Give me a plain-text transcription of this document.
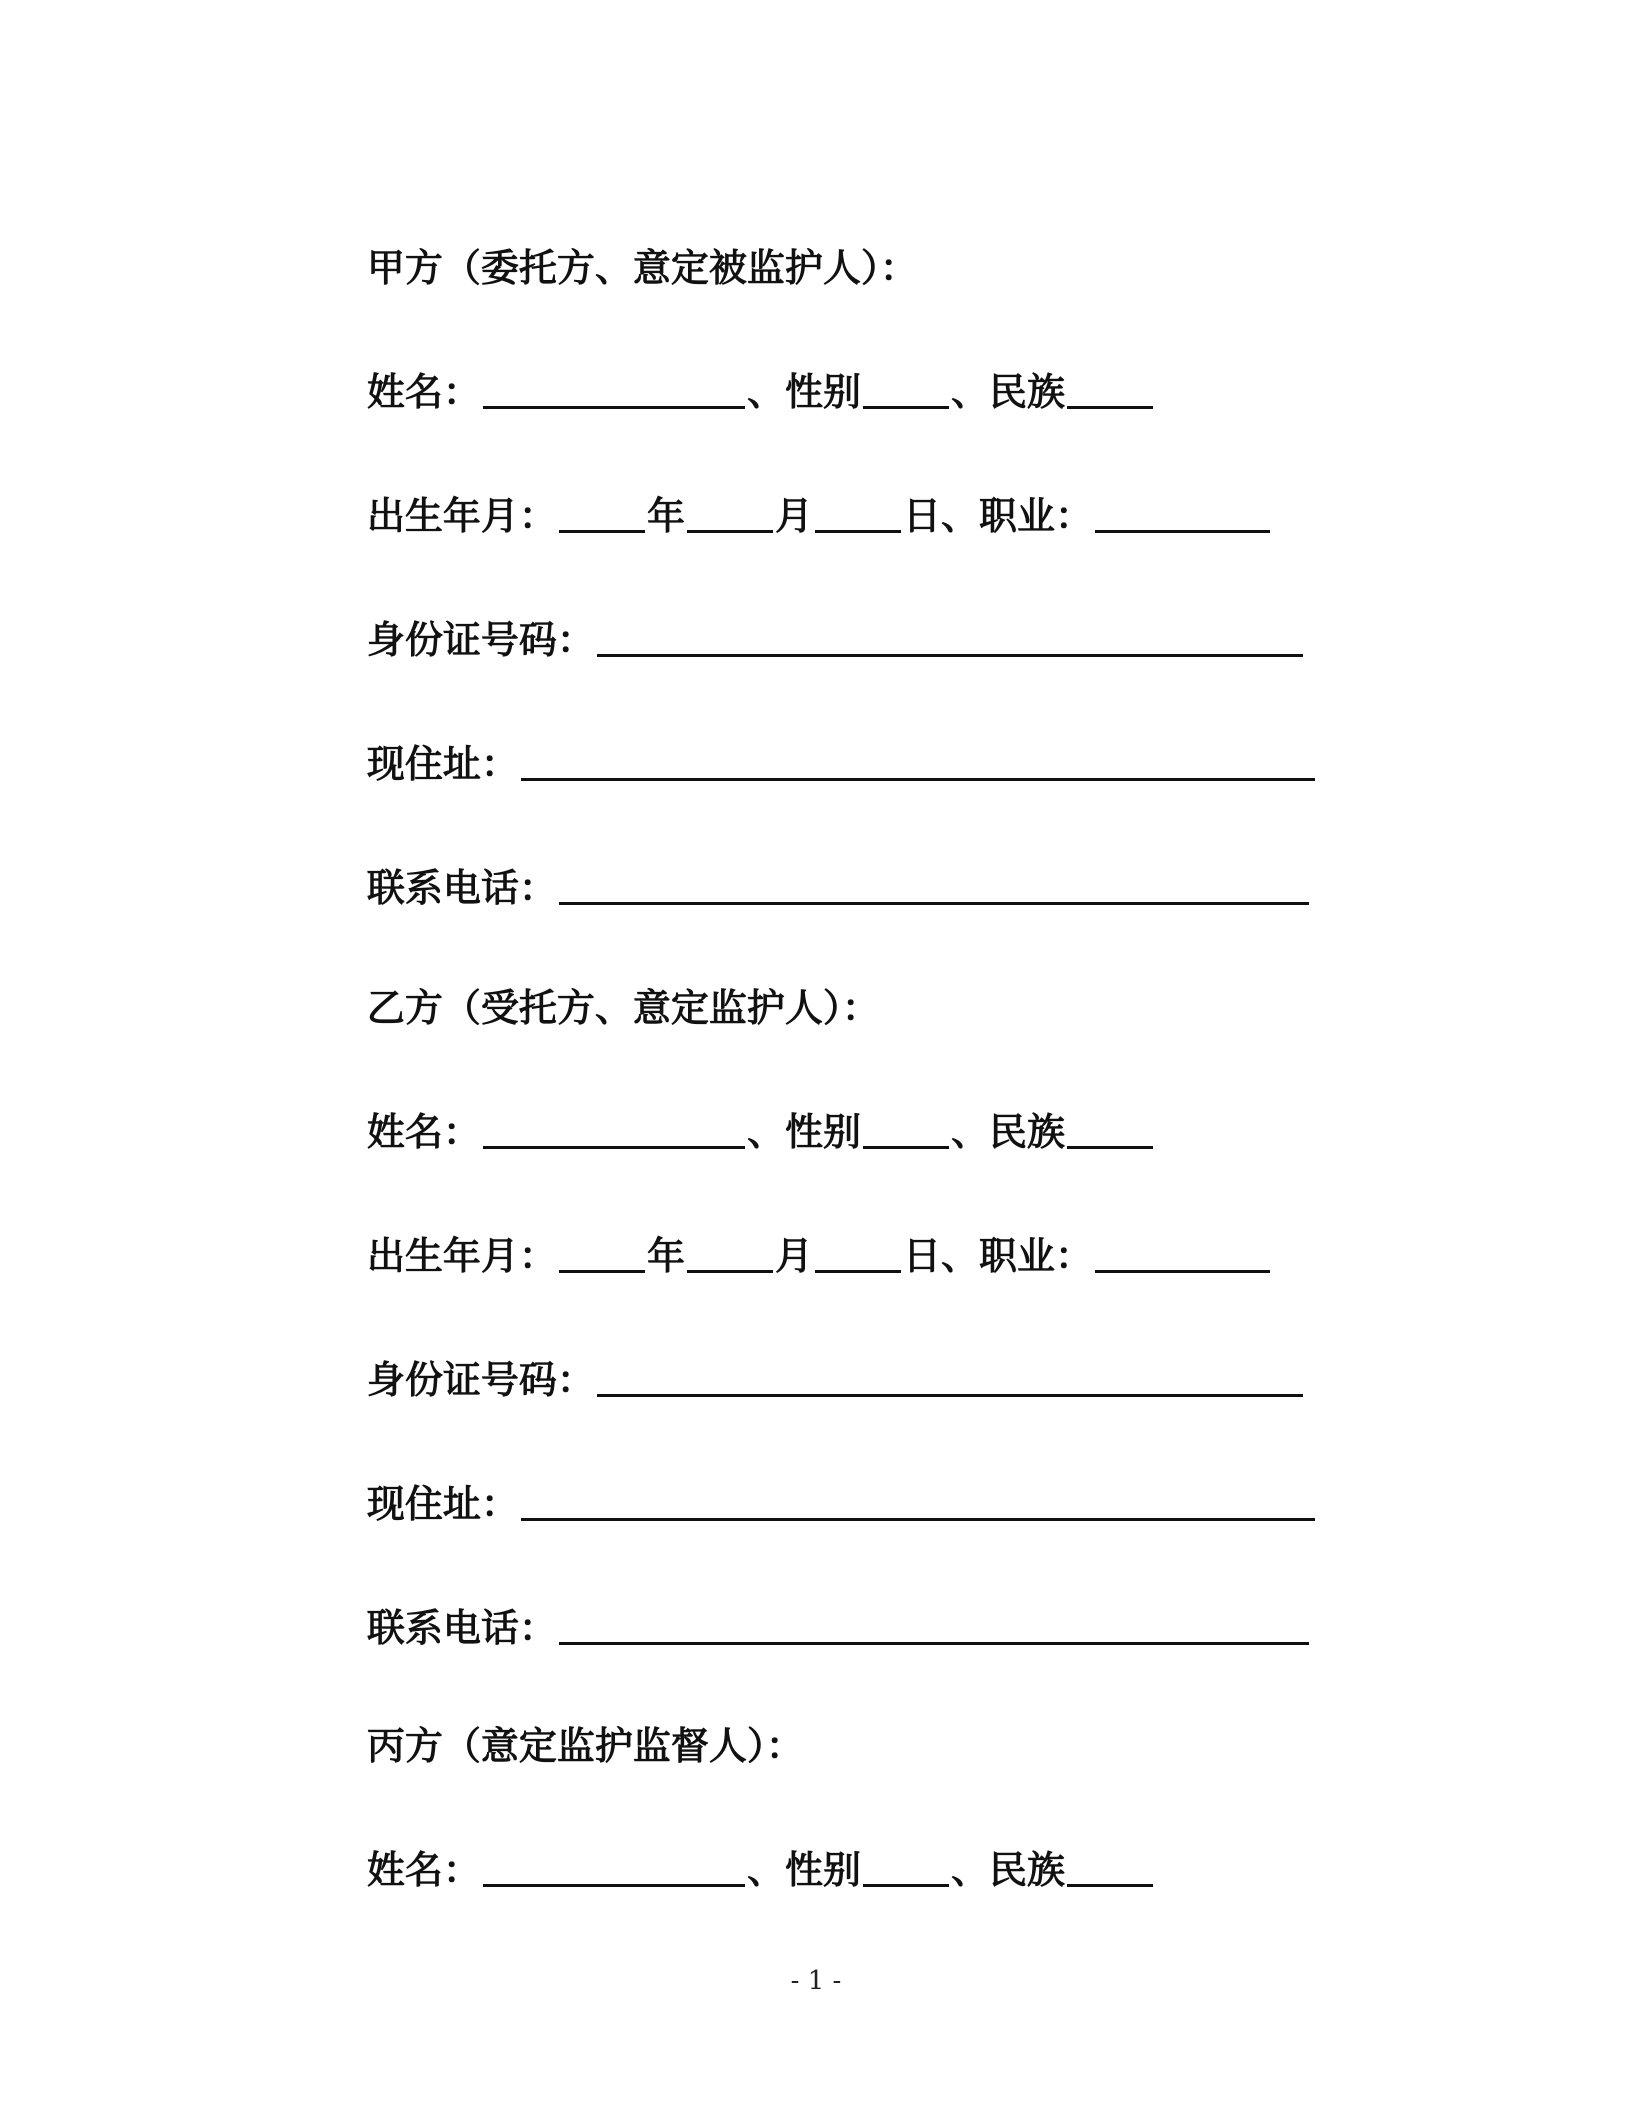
甲方（委托方、意定被监护人）：

姓名：	、性别 、民族

出生年月： 年 月 日、职业：

身份证号码：

现住址：

联系电话：

乙方（受托方、意定监护人）：

姓名：	、性别 、民族

出生年月： 年 月 日、职业：

身份证号码：

现住址：

联系电话：

丙方（意定监护监督人）：

姓名：	、性别 、民族

- 1 -
